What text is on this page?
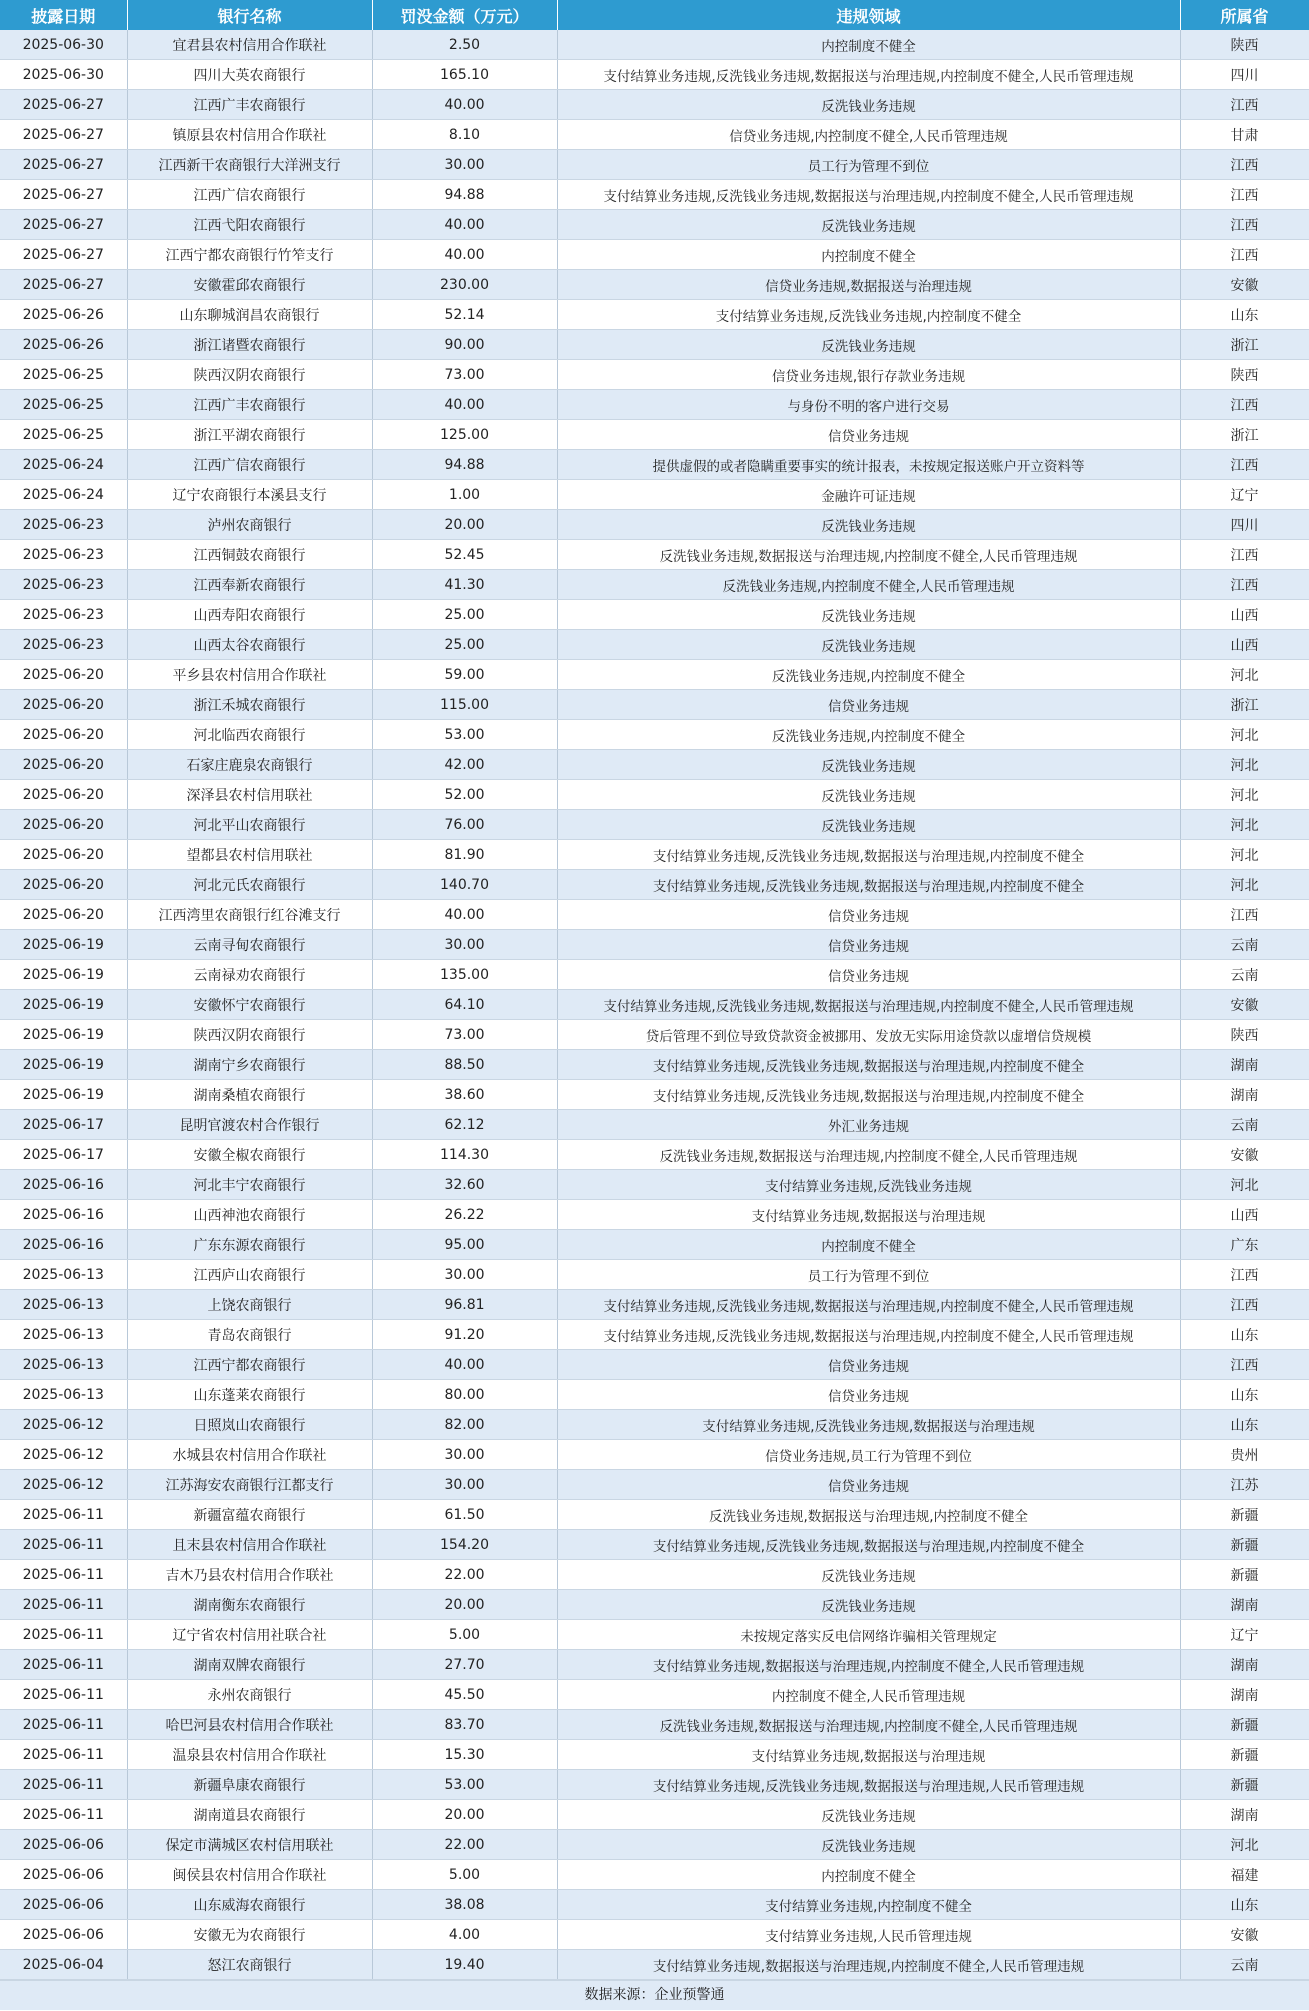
披露日期	银行名称	罚没金额（万元）	违规领域	所属省
2025-06-30	宜君县农村信用合作联社	2.50	内控制度不健全	陕西
2025-06-30	四川大英农商银行	165.10	支付结算业务违规,反洗钱业务违规,数据报送与治理违规,内控制度不健全,人民币管理违规	四川
2025-06-27	江西广丰农商银行	40.00	反洗钱业务违规	江西
2025-06-27	镇原县农村信用合作联社	8.10	信贷业务违规,内控制度不健全,人民币管理违规	甘肃
2025-06-27	江西新干农商银行大洋洲支行	30.00	员工行为管理不到位	江西
2025-06-27	江西广信农商银行	94.88	支付结算业务违规,反洗钱业务违规,数据报送与治理违规,内控制度不健全,人民币管理违规	江西
2025-06-27	江西弋阳农商银行	40.00	反洗钱业务违规	江西
2025-06-27	江西宁都农商银行竹笮支行	40.00	内控制度不健全	江西
2025-06-27	安徽霍邱农商银行	230.00	信贷业务违规,数据报送与治理违规	安徽
2025-06-26	山东聊城润昌农商银行	52.14	支付结算业务违规,反洗钱业务违规,内控制度不健全	山东
2025-06-26	浙江诸暨农商银行	90.00	反洗钱业务违规	浙江
2025-06-25	陕西汉阴农商银行	73.00	信贷业务违规,银行存款业务违规	陕西
2025-06-25	江西广丰农商银行	40.00	与身份不明的客户进行交易	江西
2025-06-25	浙江平湖农商银行	125.00	信贷业务违规	浙江
2025-06-24	江西广信农商银行	94.88	提供虚假的或者隐瞒重要事实的统计报表，未按规定报送账户开立资料等	江西
2025-06-24	辽宁农商银行本溪县支行	1.00	金融许可证违规	辽宁
2025-06-23	泸州农商银行	20.00	反洗钱业务违规	四川
2025-06-23	江西铜鼓农商银行	52.45	反洗钱业务违规,数据报送与治理违规,内控制度不健全,人民币管理违规	江西
2025-06-23	江西奉新农商银行	41.30	反洗钱业务违规,内控制度不健全,人民币管理违规	江西
2025-06-23	山西寿阳农商银行	25.00	反洗钱业务违规	山西
2025-06-23	山西太谷农商银行	25.00	反洗钱业务违规	山西
2025-06-20	平乡县农村信用合作联社	59.00	反洗钱业务违规,内控制度不健全	河北
2025-06-20	浙江禾城农商银行	115.00	信贷业务违规	浙江
2025-06-20	河北临西农商银行	53.00	反洗钱业务违规,内控制度不健全	河北
2025-06-20	石家庄鹿泉农商银行	42.00	反洗钱业务违规	河北
2025-06-20	深泽县农村信用联社	52.00	反洗钱业务违规	河北
2025-06-20	河北平山农商银行	76.00	反洗钱业务违规	河北
2025-06-20	望都县农村信用联社	81.90	支付结算业务违规,反洗钱业务违规,数据报送与治理违规,内控制度不健全	河北
2025-06-20	河北元氏农商银行	140.70	支付结算业务违规,反洗钱业务违规,数据报送与治理违规,内控制度不健全	河北
2025-06-20	江西湾里农商银行红谷滩支行	40.00	信贷业务违规	江西
2025-06-19	云南寻甸农商银行	30.00	信贷业务违规	云南
2025-06-19	云南禄劝农商银行	135.00	信贷业务违规	云南
2025-06-19	安徽怀宁农商银行	64.10	支付结算业务违规,反洗钱业务违规,数据报送与治理违规,内控制度不健全,人民币管理违规	安徽
2025-06-19	陕西汉阴农商银行	73.00	贷后管理不到位导致贷款资金被挪用、发放无实际用途贷款以虚增信贷规模	陕西
2025-06-19	湖南宁乡农商银行	88.50	支付结算业务违规,反洗钱业务违规,数据报送与治理违规,内控制度不健全	湖南
2025-06-19	湖南桑植农商银行	38.60	支付结算业务违规,反洗钱业务违规,数据报送与治理违规,内控制度不健全	湖南
2025-06-17	昆明官渡农村合作银行	62.12	外汇业务违规	云南
2025-06-17	安徽全椒农商银行	114.30	反洗钱业务违规,数据报送与治理违规,内控制度不健全,人民币管理违规	安徽
2025-06-16	河北丰宁农商银行	32.60	支付结算业务违规,反洗钱业务违规	河北
2025-06-16	山西神池农商银行	26.22	支付结算业务违规,数据报送与治理违规	山西
2025-06-16	广东东源农商银行	95.00	内控制度不健全	广东
2025-06-13	江西庐山农商银行	30.00	员工行为管理不到位	江西
2025-06-13	上饶农商银行	96.81	支付结算业务违规,反洗钱业务违规,数据报送与治理违规,内控制度不健全,人民币管理违规	江西
2025-06-13	青岛农商银行	91.20	支付结算业务违规,反洗钱业务违规,数据报送与治理违规,内控制度不健全,人民币管理违规	山东
2025-06-13	江西宁都农商银行	40.00	信贷业务违规	江西
2025-06-13	山东蓬莱农商银行	80.00	信贷业务违规	山东
2025-06-12	日照岚山农商银行	82.00	支付结算业务违规,反洗钱业务违规,数据报送与治理违规	山东
2025-06-12	水城县农村信用合作联社	30.00	信贷业务违规,员工行为管理不到位	贵州
2025-06-12	江苏海安农商银行江都支行	30.00	信贷业务违规	江苏
2025-06-11	新疆富蕴农商银行	61.50	反洗钱业务违规,数据报送与治理违规,内控制度不健全	新疆
2025-06-11	且末县农村信用合作联社	154.20	支付结算业务违规,反洗钱业务违规,数据报送与治理违规,内控制度不健全	新疆
2025-06-11	吉木乃县农村信用合作联社	22.00	反洗钱业务违规	新疆
2025-06-11	湖南衡东农商银行	20.00	反洗钱业务违规	湖南
2025-06-11	辽宁省农村信用社联合社	5.00	未按规定落实反电信网络诈骗相关管理规定	辽宁
2025-06-11	湖南双牌农商银行	27.70	支付结算业务违规,数据报送与治理违规,内控制度不健全,人民币管理违规	湖南
2025-06-11	永州农商银行	45.50	内控制度不健全,人民币管理违规	湖南
2025-06-11	哈巴河县农村信用合作联社	83.70	反洗钱业务违规,数据报送与治理违规,内控制度不健全,人民币管理违规	新疆
2025-06-11	温泉县农村信用合作联社	15.30	支付结算业务违规,数据报送与治理违规	新疆
2025-06-11	新疆阜康农商银行	53.00	支付结算业务违规,反洗钱业务违规,数据报送与治理违规,人民币管理违规	新疆
2025-06-11	湖南道县农商银行	20.00	反洗钱业务违规	湖南
2025-06-06	保定市满城区农村信用联社	22.00	反洗钱业务违规	河北
2025-06-06	闽侯县农村信用合作联社	5.00	内控制度不健全	福建
2025-06-06	山东威海农商银行	38.08	支付结算业务违规,内控制度不健全	山东
2025-06-06	安徽无为农商银行	4.00	支付结算业务违规,人民币管理违规	安徽
2025-06-04	怒江农商银行	19.40	支付结算业务违规,数据报送与治理违规,内控制度不健全,人民币管理违规	云南
数据来源：企业预警通
